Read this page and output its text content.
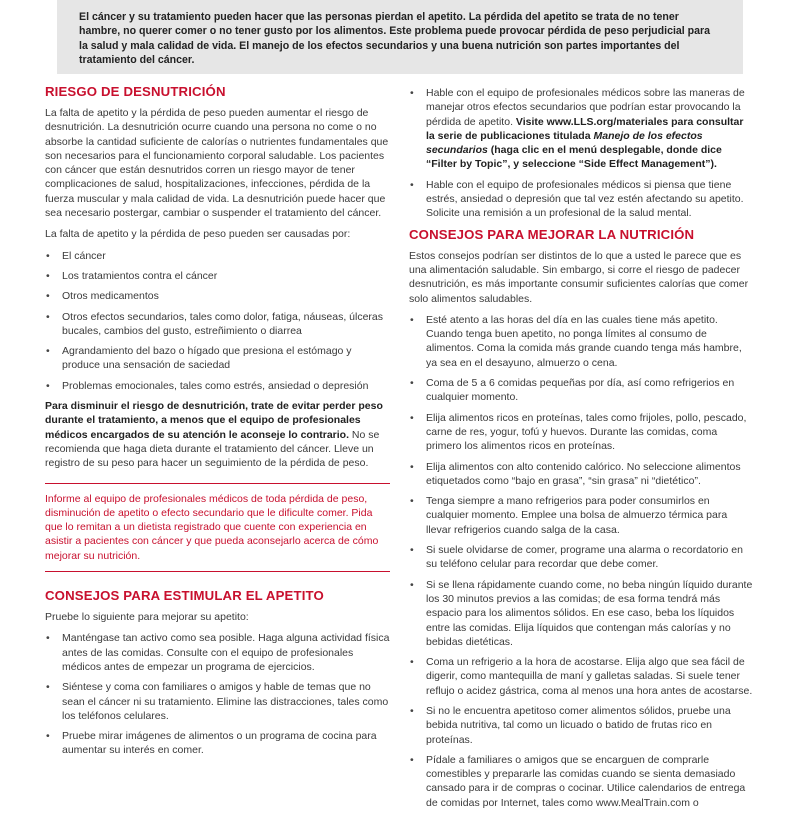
El cáncer y su tratamiento pueden hacer que las personas pierdan el apetito. La pérdida del apetito se trata de no tener hambre, no querer comer o no tener gusto por los alimentos. Este problema puede provocar pérdida de peso perjudicial para la salud y mala calidad de vida. El manejo de los efectos secundarios y una buena nutrición son partes importantes del tratamiento del cáncer.
RIESGO DE DESNUTRICIÓN

La falta de apetito y la pérdida de peso pueden aumentar el riesgo de desnutrición. La desnutrición ocurre cuando una persona no come o no absorbe la cantidad suficiente de calorías o nutrientes fundamentales que son necesarios para el funcionamiento corporal saludable. Los pacientes con cáncer que están desnutridos corren un riesgo mayor de tener complicaciones de salud, hospitalizaciones, infecciones, pérdida de la fuerza muscular y mala calidad de vida. La desnutrición puede hacer que sea necesario postergar, cambiar o suspender el tratamiento del cáncer.

La falta de apetito y la pérdida de peso pueden ser causadas por:

• El cáncer
• Los tratamientos contra el cáncer
• Otros medicamentos
• Otros efectos secundarios, tales como dolor, fatiga, náuseas, úlceras bucales, cambios del gusto, estreñimiento o diarrea
• Agrandamiento del bazo o hígado que presiona el estómago y produce una sensación de saciedad
• Problemas emocionales, tales como estrés, ansiedad o depresión

Para disminuir el riesgo de desnutrición, trate de evitar perder peso durante el tratamiento, a menos que el equipo de profesionales médicos encargados de su atención le aconseje lo contrario. No se recomienda que haga dieta durante el tratamiento del cáncer. Lleve un registro de su peso para hacer un seguimiento de la pérdida de peso.

Informe al equipo de profesionales médicos de toda pérdida de peso, disminución de apetito o efecto secundario que le dificulte comer. Pida que lo remitan a un dietista registrado que cuente con experiencia en asistir a pacientes con cáncer y que pueda aconsejarlo acerca de cómo mejorar su nutrición.

CONSEJOS PARA ESTIMULAR EL APETITO

Pruebe lo siguiente para mejorar su apetito:

• Manténgase tan activo como sea posible. Haga alguna actividad física antes de las comidas. Consulte con el equipo de profesionales médicos antes de empezar un programa de ejercicios.
• Siéntese y coma con familiares o amigos y hable de temas que no sean el cáncer ni su tratamiento. Elimine las distracciones, tales como los teléfonos celulares.
• Pruebe mirar imágenes de alimentos o un programa de cocina para aumentar su interés en comer.
• Hable con el equipo de profesionales médicos sobre las maneras de manejar otros efectos secundarios que podrían estar provocando la pérdida de apetito. Visite www.LLS.org/materiales para consultar la serie de publicaciones titulada Manejo de los efectos secundarios (haga clic en el menú desplegable, donde dice “Filter by Topic”, y seleccione “Side Effect Management”).
• Hable con el equipo de profesionales médicos si piensa que tiene estrés, ansiedad o depresión que tal vez estén afectando su apetito. Solicite una remisión a un profesional de la salud mental.
CONSEJOS PARA MEJORAR LA NUTRICIÓN

Estos consejos podrían ser distintos de lo que a usted le parece que es una alimentación saludable. Sin embargo, si corre el riesgo de padecer desnutrición, es más importante consumir suficientes calorías que comer solo alimentos saludables.

• Esté atento a las horas del día en las cuales tiene más apetito. Cuando tenga buen apetito, no ponga límites al consumo de alimentos. Coma la comida más grande cuando tenga más hambre, ya sea en el desayuno, almuerzo o cena.
• Coma de 5 a 6 comidas pequeñas por día, así como refrigerios en cualquier momento.
• Elija alimentos ricos en proteínas, tales como frijoles, pollo, pescado, carne de res, yogur, tofú y huevos. Durante las comidas, coma primero los alimentos ricos en proteínas.
• Elija alimentos con alto contenido calórico. No seleccione alimentos etiquetados como “bajo en grasa”, “sin grasa” ni “dietético”.
• Tenga siempre a mano refrigerios para poder consumirlos en cualquier momento. Emplee una bolsa de almuerzo térmica para llevar refrigerios cuando salga de la casa.
• Si suele olvidarse de comer, programe una alarma o recordatorio en su teléfono celular para recordar que debe comer.
• Si se llena rápidamente cuando come, no beba ningún líquido durante los 30 minutos previos a las comidas; de esa forma tendrá más espacio para los alimentos sólidos. En ese caso, beba los líquidos entre las comidas. Elija líquidos que contengan más calorías y no bebidas dietéticas.
• Coma un refrigerio a la hora de acostarse. Elija algo que sea fácil de digerir, como mantequilla de maní y galletas saladas. Si suele tener reflujo o acidez gástrica, coma al menos una hora antes de acostarse.
• Si no le encuentra apetitoso comer alimentos sólidos, pruebe una bebida nutritiva, tal como un licuado o batido de frutas rico en proteínas.
• Pídale a familiares o amigos que se encarguen de comprarle comestibles y prepararle las comidas cuando se sienta demasiado cansado para ir de compras o cocinar. Utilice calendarios de entrega de comidas por Internet, tales como www.MealTrain.com o
